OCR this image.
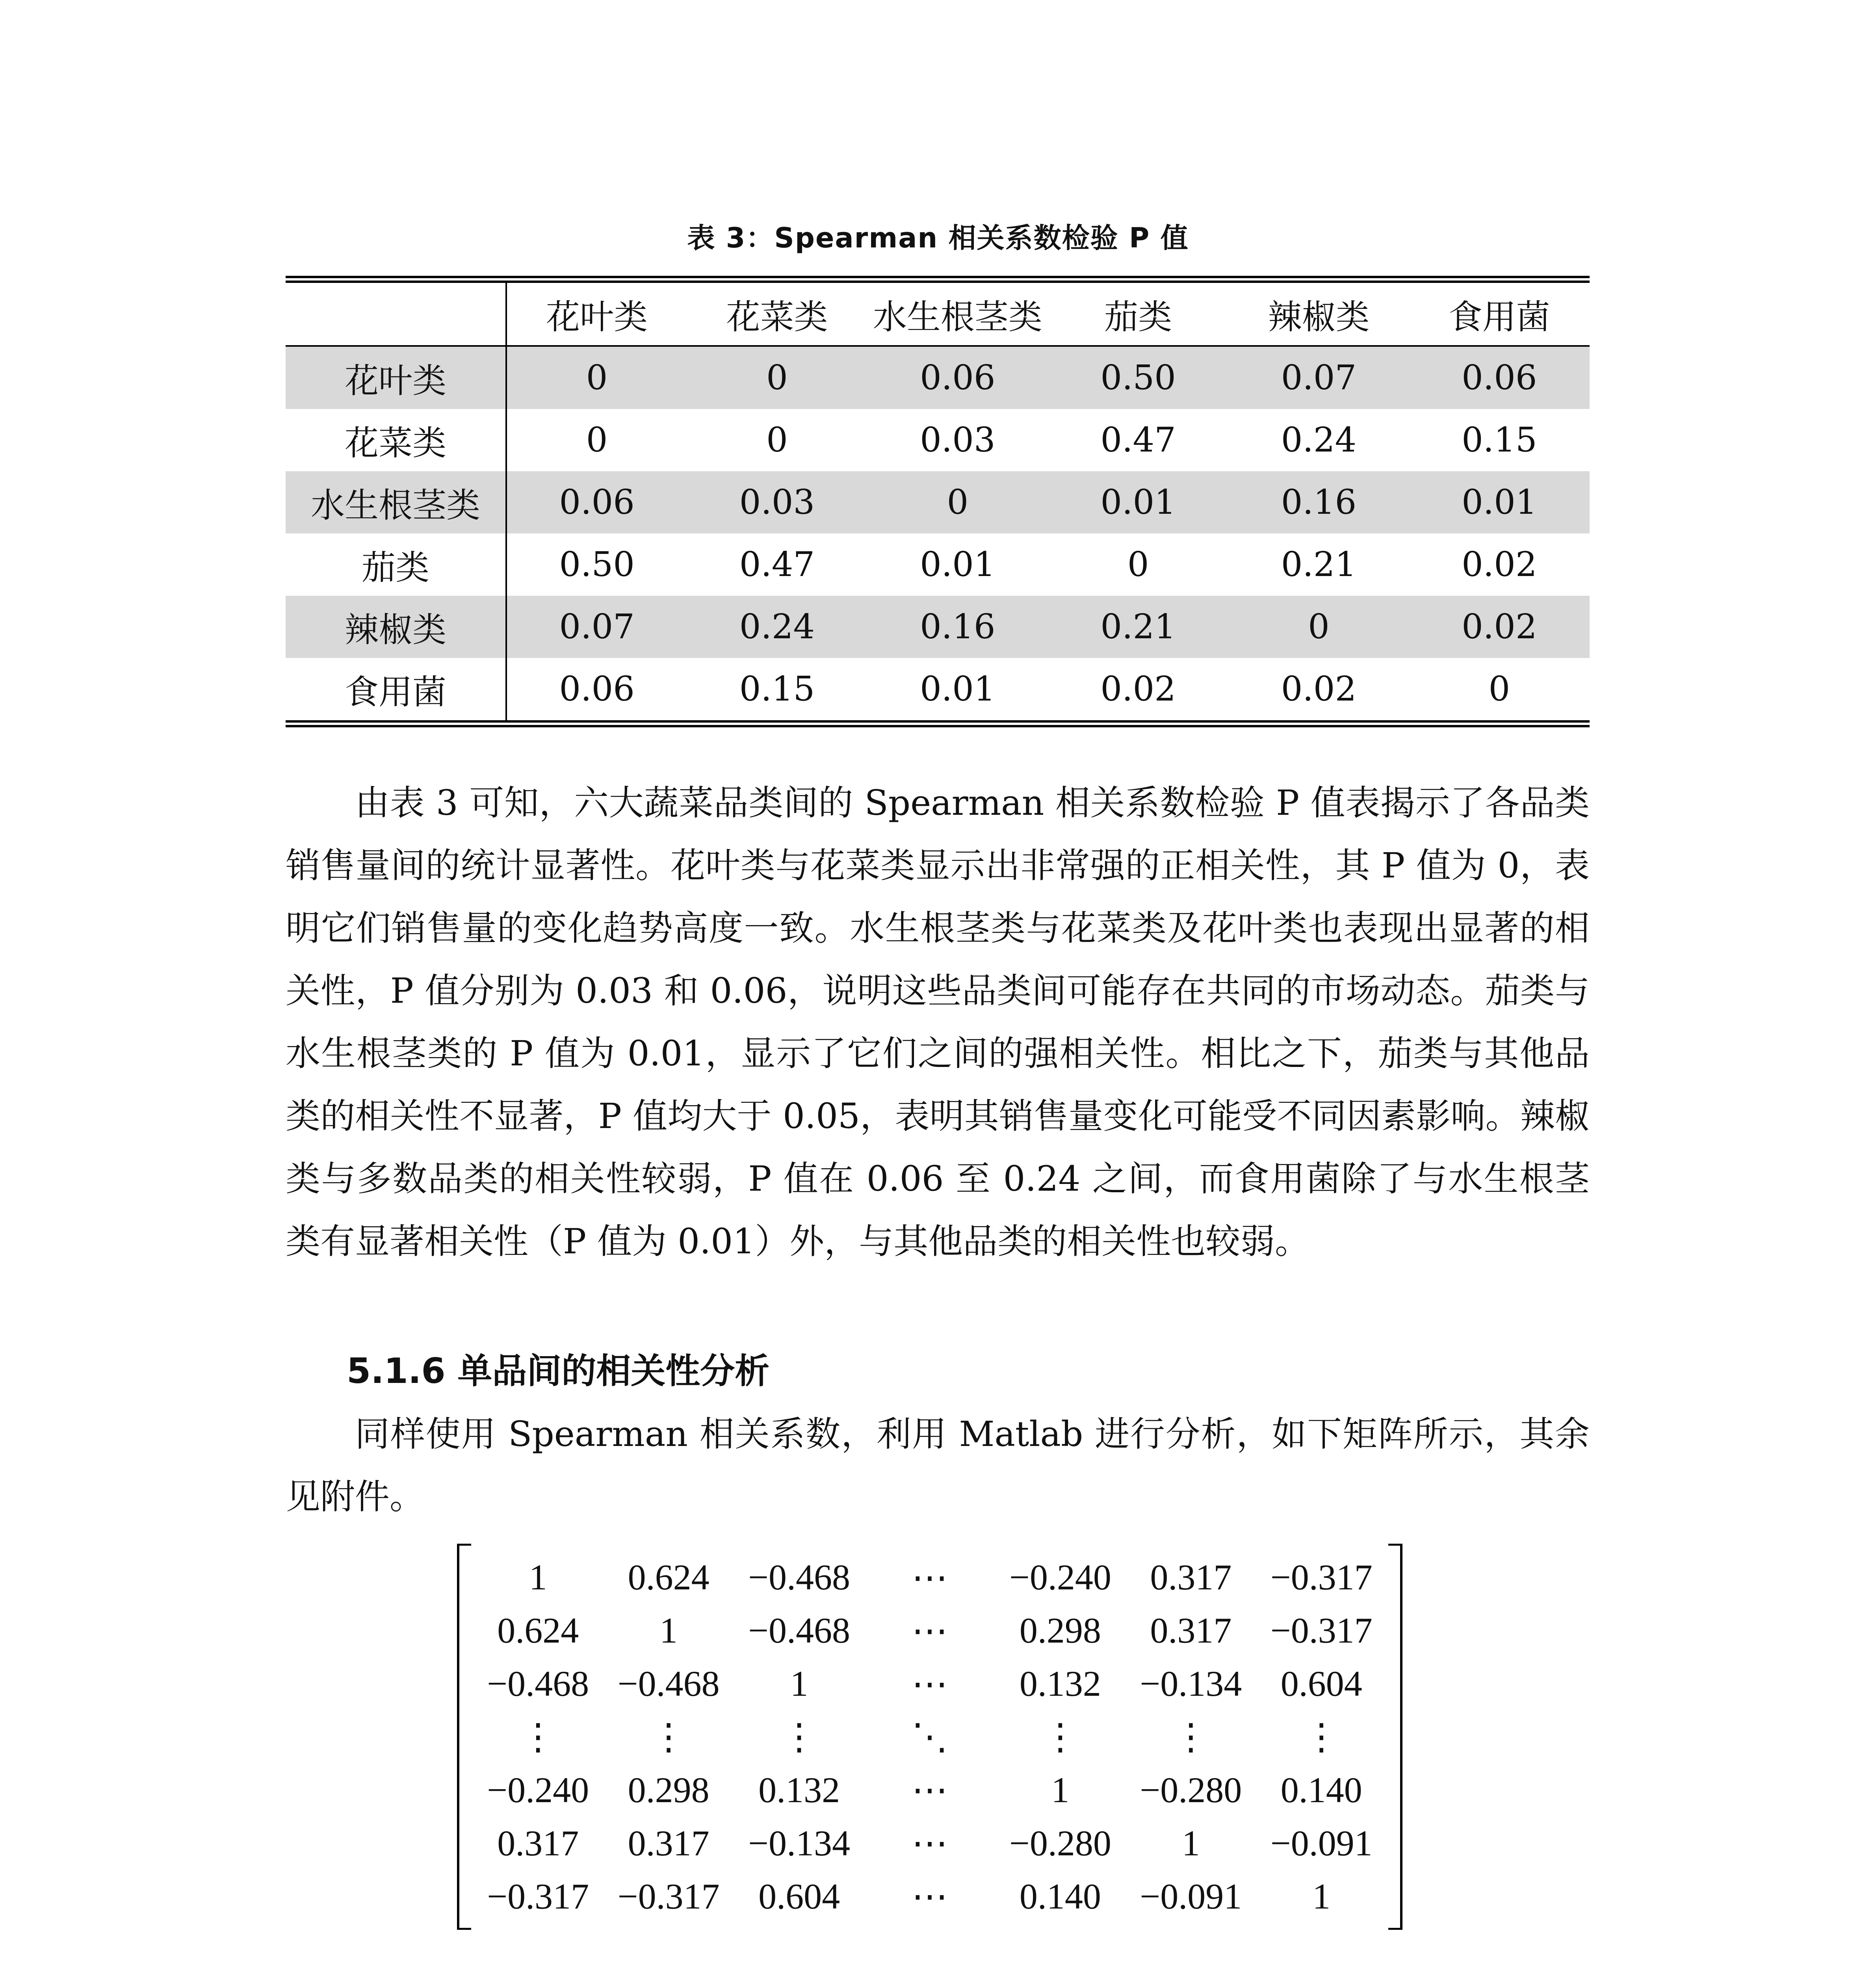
表 3：Spearman 相关系数检验 P 值
	花叶类	花菜类	水生根茎类	茄类	辣椒类	食用菌
花叶类	0	0	0.06	0.50	0.07	0.06
花菜类	0	0	0.03	0.47	0.24	0.15
水生根茎类	0.06	0.03	0	0.01	0.16	0.01
茄类	0.50	0.47	0.01	0	0.21	0.02
辣椒类	0.07	0.24	0.16	0.21	0	0.02
食用菌	0.06	0.15	0.01	0.02	0.02	0

由表 3 可知，六大蔬菜品类间的 Spearman 相关系数检验 P 值表揭示了各品类销售量间的统计显著性。花叶类与花菜类显示出非常强的正相关性，其 P 值为 0，表明它们销售量的变化趋势高度一致。水生根茎类与花菜类及花叶类也表现出显著的相关性，P 值分别为 0.03 和 0.06，说明这些品类间可能存在共同的市场动态。茄类与水生根茎类的 P 值为 0.01，显示了它们之间的强相关性。相比之下，茄类与其他品类的相关性不显著，P 值均大于 0.05，表明其销售量变化可能受不同因素影响。辣椒类与多数品类的相关性较弱，P 值在 0.06 至 0.24 之间，而食用菌除了与水生根茎类有显著相关性（P 值为 0.01）外，与其他品类的相关性也较弱。

5.1.6 单品间的相关性分析

同样使用 Spearman 相关系数，利用 Matlab 进行分析，如下矩阵所示，其余见附件。

1	0.624	−0.468	⋯	−0.240	0.317	−0.317
0.624	1	−0.468	⋯	0.298	0.317	−0.317
−0.468 −0.468	1	⋯	0.132	−0.134	0.604
⋮	⋮	⋮	⋱	⋮	⋮	⋮
−0.240	0.298	0.132	⋯	1	−0.280	0.140
0.317	0.317	−0.134	⋯	−0.280	1	−0.091
−0.317 −0.317	0.604	⋯	0.140	−0.091	1
